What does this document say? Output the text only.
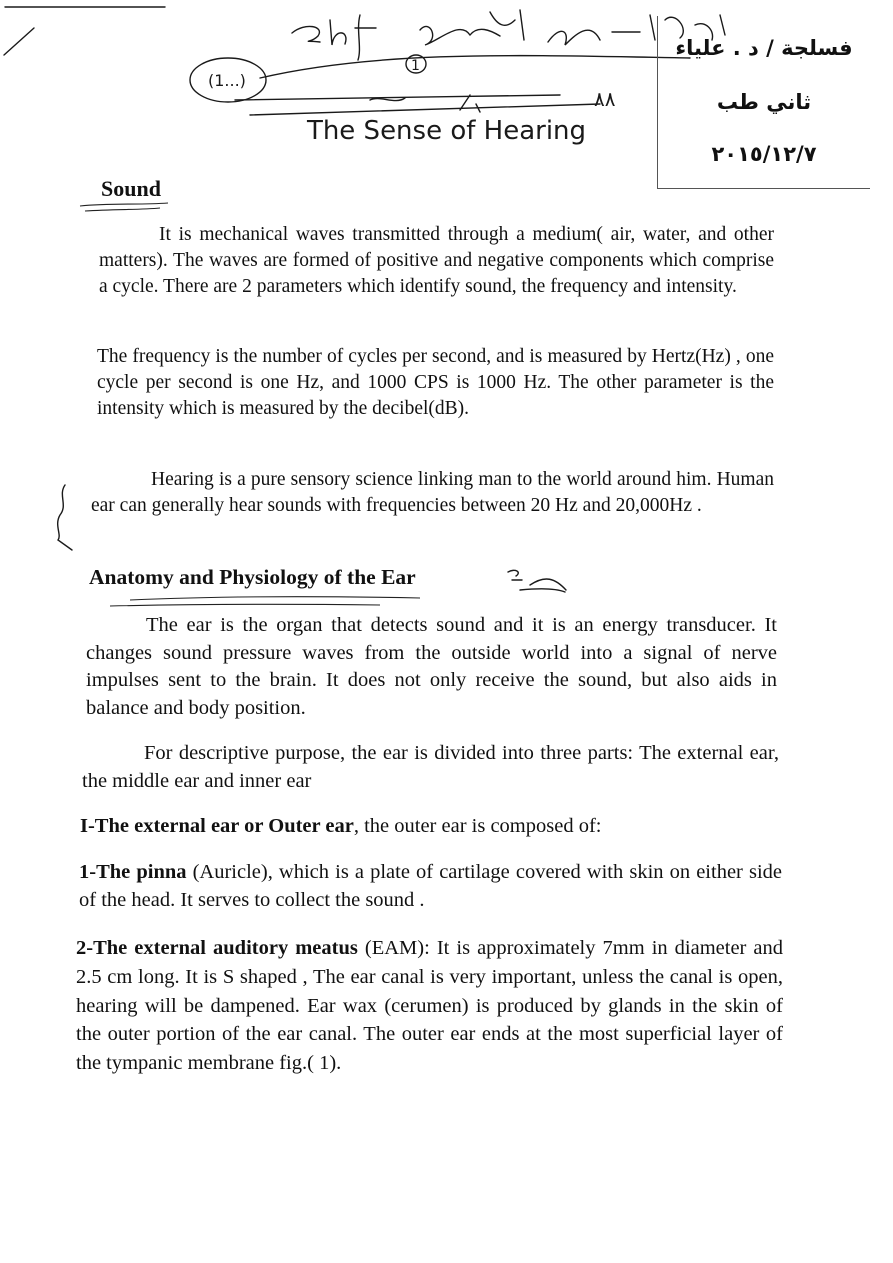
(1...)
1
٨٨
The Sense of Hearing
فسلجة / د . علياء
ثاني طب
٢٠١٥/١٢/٧
Sound
It is mechanical waves transmitted through a medium( air, water, and other matters). The waves are formed of positive and negative components which comprise a cycle. There are 2 parameters which identify sound, the frequency and intensity.
The frequency is the number of cycles per second, and is measured by Hertz(Hz) , one cycle per second is one Hz, and 1000 CPS is 1000 Hz. The other parameter is the intensity which is measured by the decibel(dB).
Hearing is a pure sensory science linking man to the world around him. Human ear can generally hear sounds with frequencies between 20 Hz and 20,000Hz .
Anatomy and Physiology of the Ear
The ear is the organ that detects sound and it is an energy transducer. It changes sound pressure waves from the outside world into a signal of nerve impulses sent to the brain. It does not only receive the sound, but also aids in balance and body position.
For descriptive purpose, the ear is divided into three parts: The external ear, the middle ear and inner ear
I-The external ear or Outer ear, the outer ear is composed of:
1-The pinna (Auricle), which is a plate of cartilage covered with skin on either side of the head. It serves to collect the sound .
2-The external auditory meatus (EAM): It is approximately 7mm in diameter and 2.5 cm long. It is S shaped , The ear canal is very important, unless the canal is open, hearing will be dampened. Ear wax (cerumen) is produced by glands in the skin of the outer portion of the ear canal. The outer ear ends at the most superficial layer of the tympanic membrane fig.( 1).
